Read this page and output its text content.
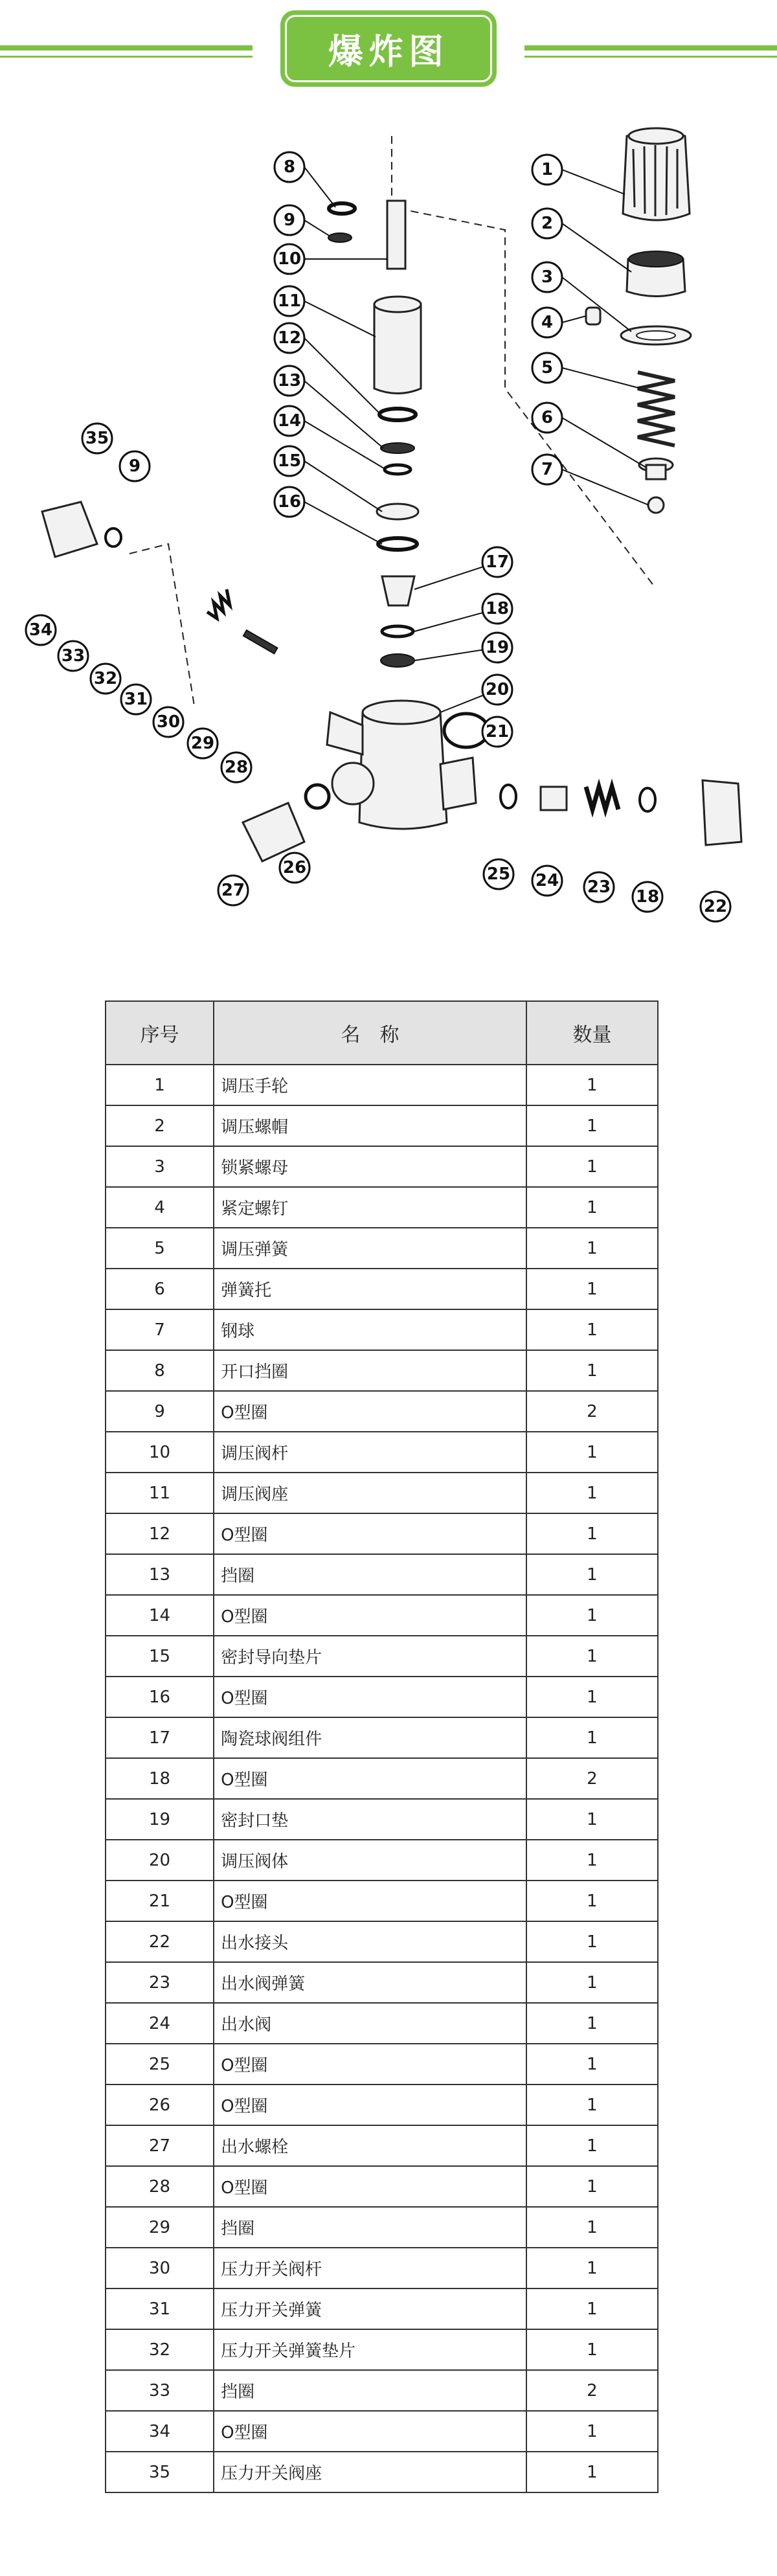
爆炸图
1
2
3
4
5
6
7
8
9
10
11
12
13
14
15
16
17
18
19
20
21
22
23
24
25
26
27
28
29
30
31
32
33
34
35
9
18
序号	名　称	数量
1	调压手轮	1
2	调压螺帽	1
3	锁紧螺母	1
4	紧定螺钉	1
5	调压弹簧	1
6	弹簧托	1
7	钢球	1
8	开口挡圈	1
9	O型圈	2
10	调压阀杆	1
11	调压阀座	1
12	O型圈	1
13	挡圈	1
14	O型圈	1
15	密封导向垫片	1
16	O型圈	1
17	陶瓷球阀组件	1
18	O型圈	2
19	密封口垫	1
20	调压阀体	1
21	O型圈	1
22	出水接头	1
23	出水阀弹簧	1
24	出水阀	1
25	O型圈	1
26	O型圈	1
27	出水螺栓	1
28	O型圈	1
29	挡圈	1
30	压力开关阀杆	1
31	压力开关弹簧	1
32	压力开关弹簧垫片	1
33	挡圈	2
34	O型圈	1
35	压力开关阀座	1
